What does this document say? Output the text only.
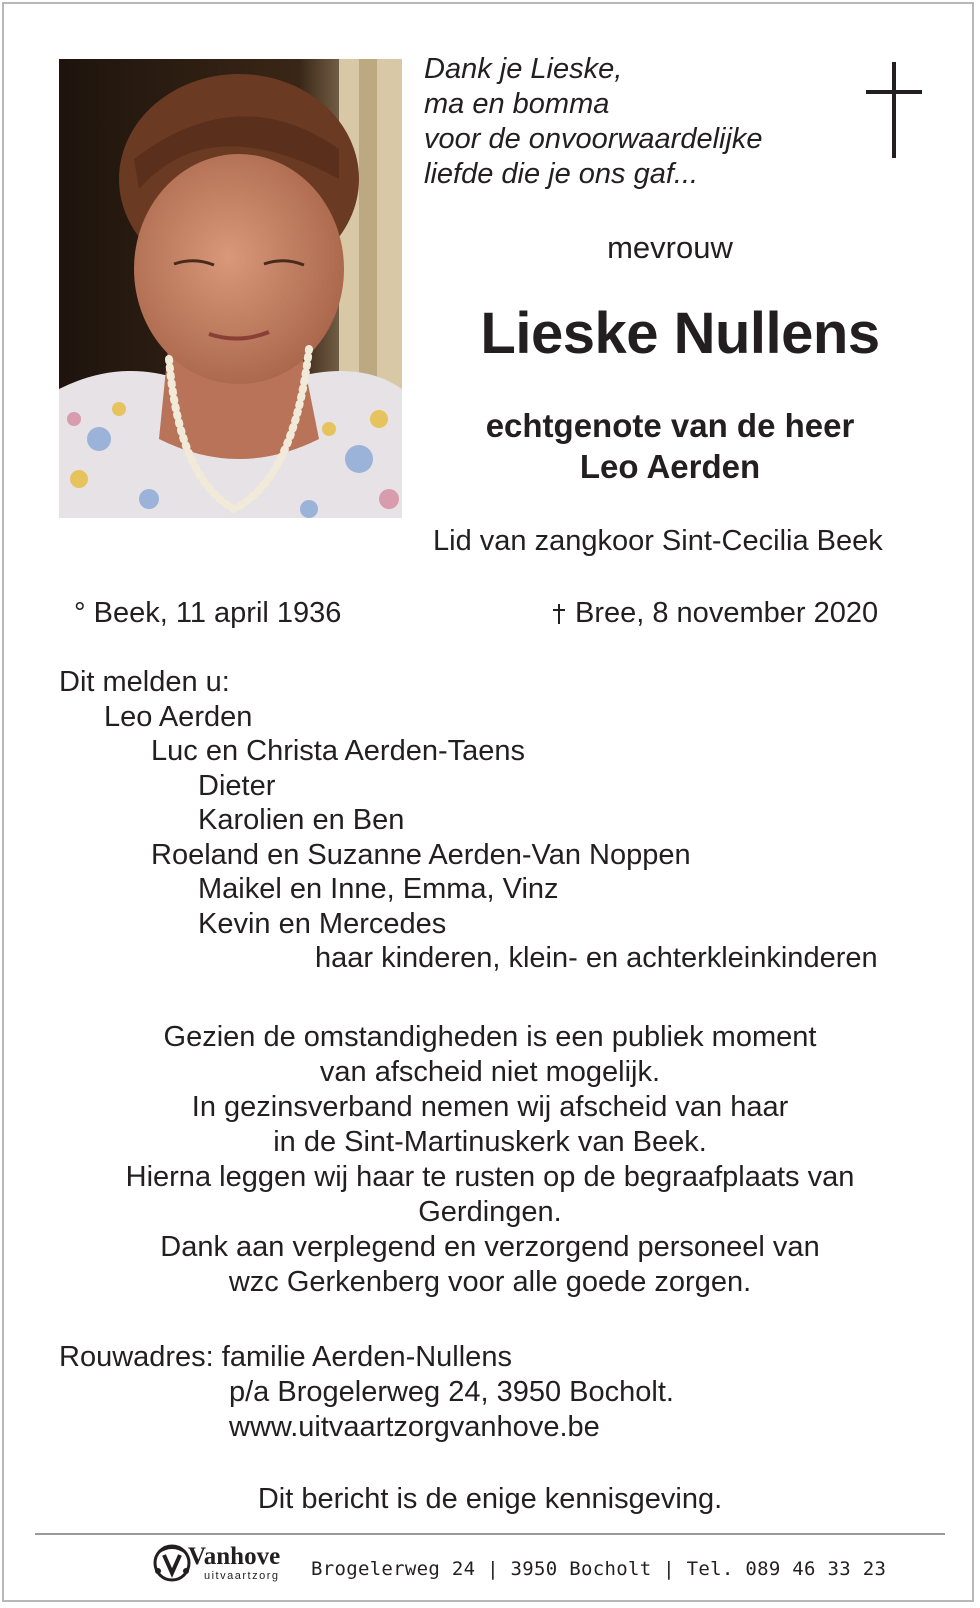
Dank je Lieske,
ma en bomma
voor de onvoorwaardelijke
liefde die je ons gaf...
mevrouw
Lieske Nullens
echtgenote van de heer
Leo Aerden
Lid van zangkoor Sint-Cecilia Beek
° Beek, 11 april 1936	Bree, 8 november 2020
Dit melden u:
Leo Aerden
Luc en Christa Aerden-Taens
Dieter
Karolien en Ben
Roeland en Suzanne Aerden-Van Noppen
Maikel en Inne, Emma, Vinz
Kevin en Mercedes
haar kinderen, klein- en achterkleinkinderen
Gezien de omstandigheden is een publiek moment
van afscheid niet mogelijk.
In gezinsverband nemen wij afscheid van haar
in de Sint-Martinuskerk van Beek.
Hierna leggen wij haar te rusten op de begraafplaats van
Gerdingen.
Dank aan verplegend en verzorgend personeel van
wzc Gerkenberg voor alle goede zorgen.
Rouwadres: familie Aerden-Nullens
p/a Brogelerweg 24, 3950 Bocholt.
www.uitvaartzorgvanhove.be
Dit bericht is de enige kennisgeving.
Vanhove
uitvaartzorg Brogelerweg 24 | 3950 Bocholt | Tel. 089 46 33 23
